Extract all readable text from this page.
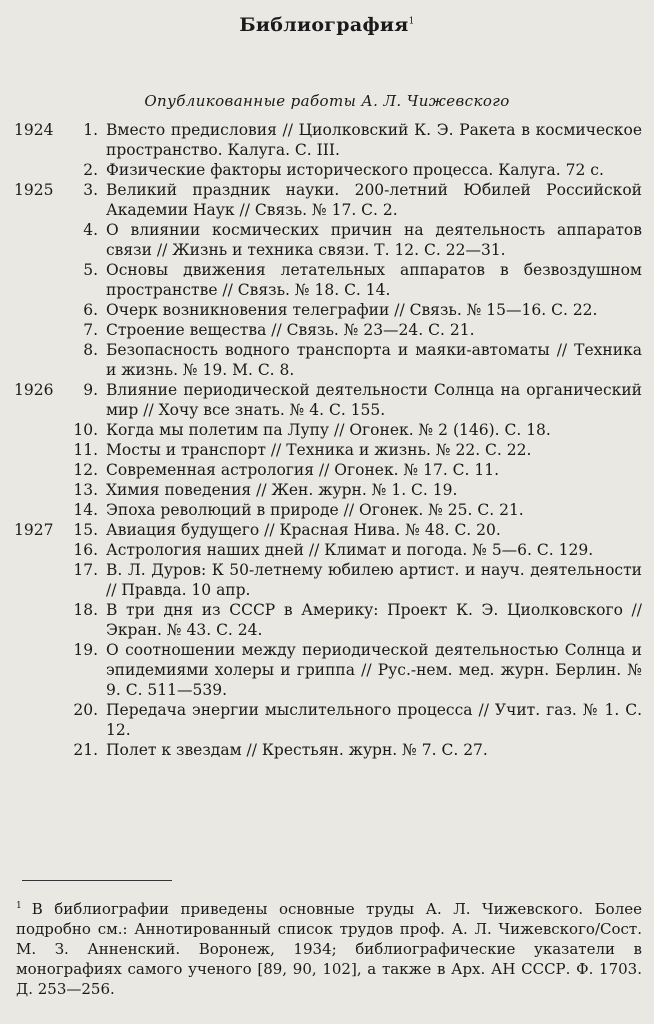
Библиография$^1$
Опубликованные работы А. Л. Чижевского
1924	1. Вместо предисловия // Циолковский К. Э. Ракета в космическое пространство. Калуга. С. III.
2. Физические факторы исторического процесса. Калуга. 72 с.
1925	3. Великий праздник науки. 200-летний Юбилей Российской Академии Наук // Связь. № 17. С. 2.
4. О влиянии космических причин на деятельность аппаратов связи // Жизнь и техника связи. Т. 12. С. 22—31.
5. Основы движения летательных аппаратов в безвоздушном пространстве // Связь. № 18. С. 14.
6. Очерк возникновения телеграфии // Связь. № 15—16. С. 22.
7. Строение вещества // Связь. № 23—24. С. 21.
8. Безопасность водного транспорта и маяки-автоматы // Техника и жизнь. № 19. М. С. 8.
1926	9. Влияние периодической деятельности Солнца на органический мир // Хочу все знать. № 4. С. 155.
10. Когда мы полетим па Лупу // Огонек. № 2 (146). С. 18.
11. Мосты и транспорт // Техника и жизнь. № 22. С. 22.
12. Современная астрология // Огонек. № 17. С. 11.
13. Химия поведения // Жен. журн. № 1. С. 19.
14. Эпоха революций в природе // Огонек. № 25. С. 21.
1927	15. Авиация будущего // Красная Нива. № 48. С. 20.
16. Астрология наших дней // Климат и погода. № 5—6. С. 129.
17. В. Л. Дуров: К 50-летнему юбилею артист. и науч. деятельности // Правда. 10 апр.
18. В три дня из СССР в Америку: Проект К. Э. Циолковского // Экран. № 43. С. 24.
19. О соотношении между периодической деятельностью Солнца и эпидемиями холеры и гриппа // Рус.-нем. мед. журн. Берлин. № 9. С. 511—539.
20. Передача энергии мыслительного процесса // Учит. газ. № 1. С. 12.
21. Полет к звездам // Крестьян. журн. № 7. С. 27.
$^1$ В библиографии приведены основные труды А. Л. Чижевского. Более подробно см.: Аннотированный список трудов проф. А. Л. Чижевского/Сост. М. З. Анненский. Воронеж, 1934; библиографические указатели в монографиях самого ученого [89, 90, 102], а также в Арх. АН СССР. Ф. 1703. Д. 253—256.
